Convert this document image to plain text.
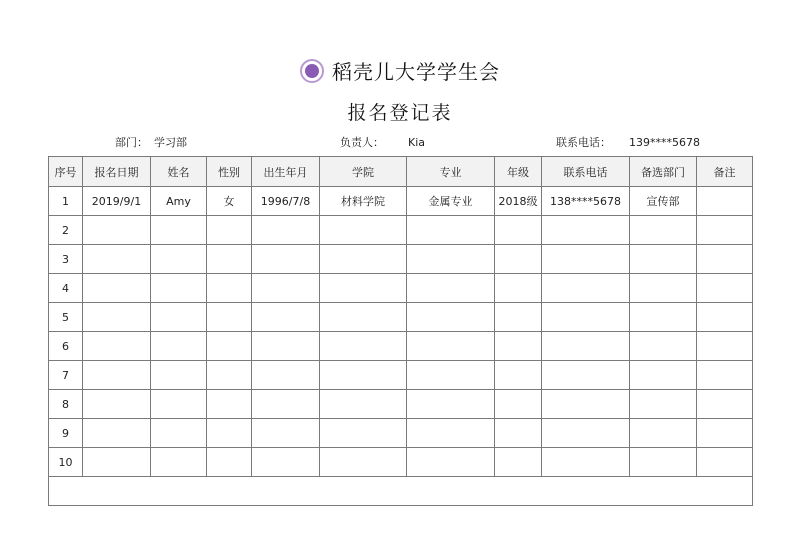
稻壳儿大学学生会
报名登记表
部门： 学习部	负责人： Kia	联系电话： 139****5678
序号	报名日期	姓名	性别	出生年月	学院	专业	年级	联系电话	备选部门	备注
1	2019/9/1	Amy	女	1996/7/8	材料学院	金属专业	2018级	138****5678	宣传部	
2										
3										
4										
5										
6										
7										
8										
9										
10										
